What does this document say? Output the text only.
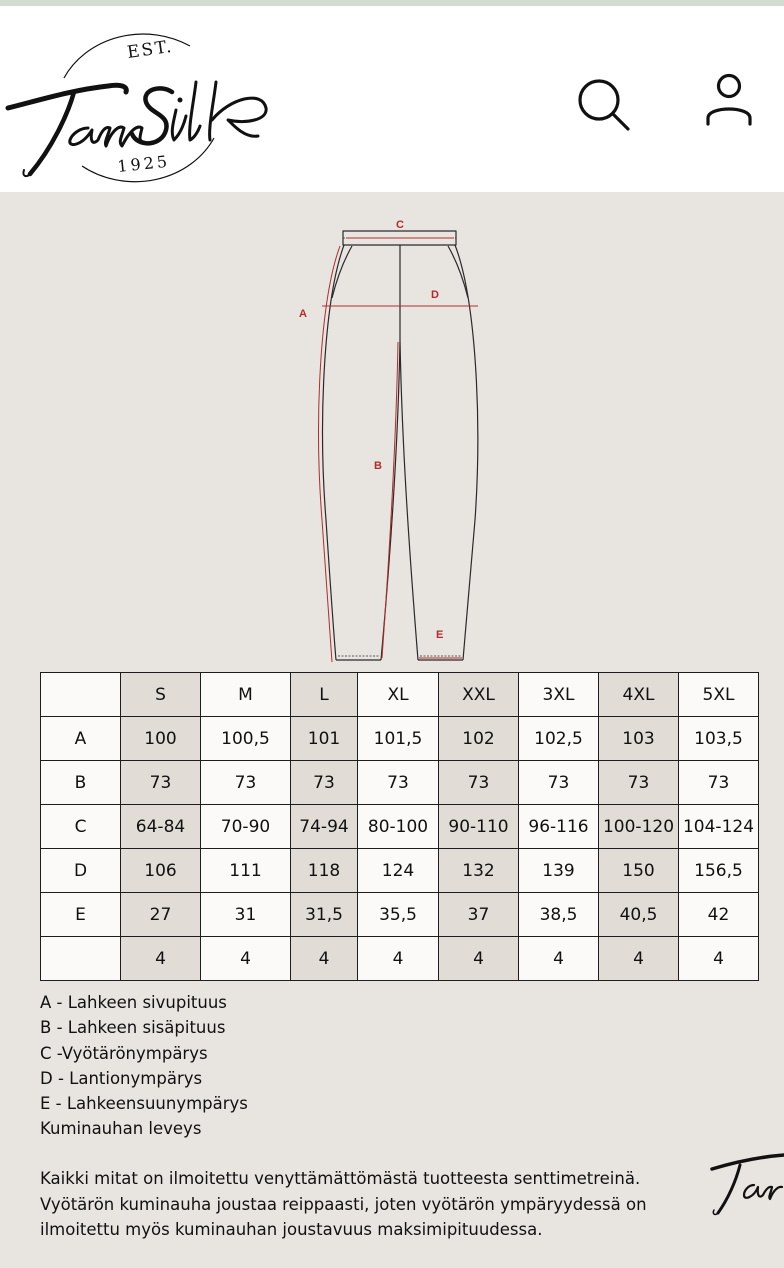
EST.
1925
C
D
A
B
E
	S	M	L	XL	XXL	3XL	4XL	5XL
A	100	100,5	101	101,5	102	102,5	103	103,5
B	73	73	73	73	73	73	73	73
C	64-84	70-90	74-94	80-100	90-110	96-116	100-120	104-124
D	106	111	118	124	132	139	150	156,5
E	27	31	31,5	35,5	37	38,5	40,5	42
	4	4	4	4	4	4	4	4
A - Lahkeen sivupituus
B - Lahkeen sisäpituus
C -Vyötärönympärys
D - Lantionympärys
E - Lahkeensuunympärys
Kuminauhan leveys
Kaikki mitat on ilmoitettu venyttämättömästä tuotteesta senttimetreinä.
Vyötärön kuminauha joustaa reippaasti, joten vyötärön ympäryydessä on
ilmoitettu myös kuminauhan joustavuus maksimipituudessa.
